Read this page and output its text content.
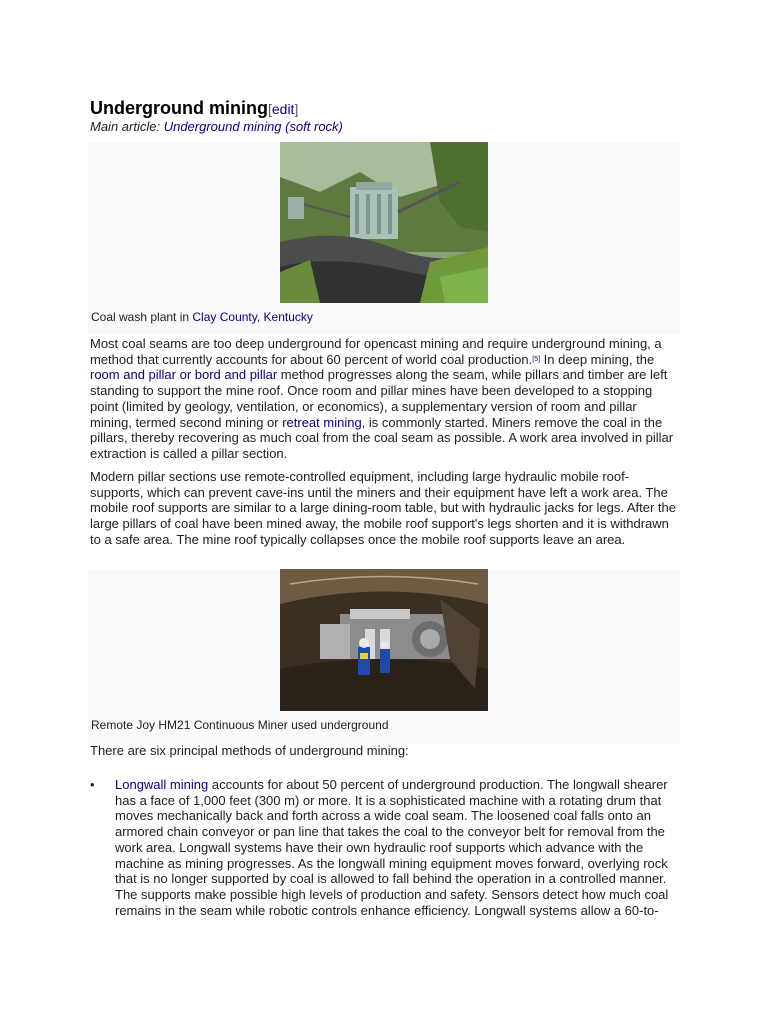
Underground mining[edit]
Main article: Underground mining (soft rock)
Coal wash plant in Clay County, Kentucky

Most coal seams are too deep underground for opencast mining and require underground mining, a method that currently accounts for about 60 percent of world coal production.[5] In deep mining, the room and pillar or bord and pillar method progresses along the seam, while pillars and timber are left standing to support the mine roof. Once room and pillar mines have been developed to a stopping point (limited by geology, ventilation, or economics), a supplementary version of room and pillar mining, termed second mining or retreat mining, is commonly started. Miners remove the coal in the pillars, thereby recovering as much coal from the coal seam as possible. A work area involved in pillar extraction is called a pillar section.

Modern pillar sections use remote-controlled equipment, including large hydraulic mobile roof-supports, which can prevent cave-ins until the miners and their equipment have left a work area. The mobile roof supports are similar to a large dining-room table, but with hydraulic jacks for legs. After the large pillars of coal have been mined away, the mobile roof support's legs shorten and it is withdrawn to a safe area. The mine roof typically collapses once the mobile roof supports leave an area.

Remote Joy HM21 Continuous Miner used underground

There are six principal methods of underground mining:

• Longwall mining accounts for about 50 percent of underground production. The longwall shearer has a face of 1,000 feet (300 m) or more. It is a sophisticated machine with a rotating drum that moves mechanically back and forth across a wide coal seam. The loosened coal falls onto an armored chain conveyor or pan line that takes the coal to the conveyor belt for removal from the work area. Longwall systems have their own hydraulic roof supports which advance with the machine as mining progresses. As the longwall mining equipment moves forward, overlying rock that is no longer supported by coal is allowed to fall behind the operation in a controlled manner. The supports make possible high levels of production and safety. Sensors detect how much coal remains in the seam while robotic controls enhance efficiency. Longwall systems allow a 60-to-
